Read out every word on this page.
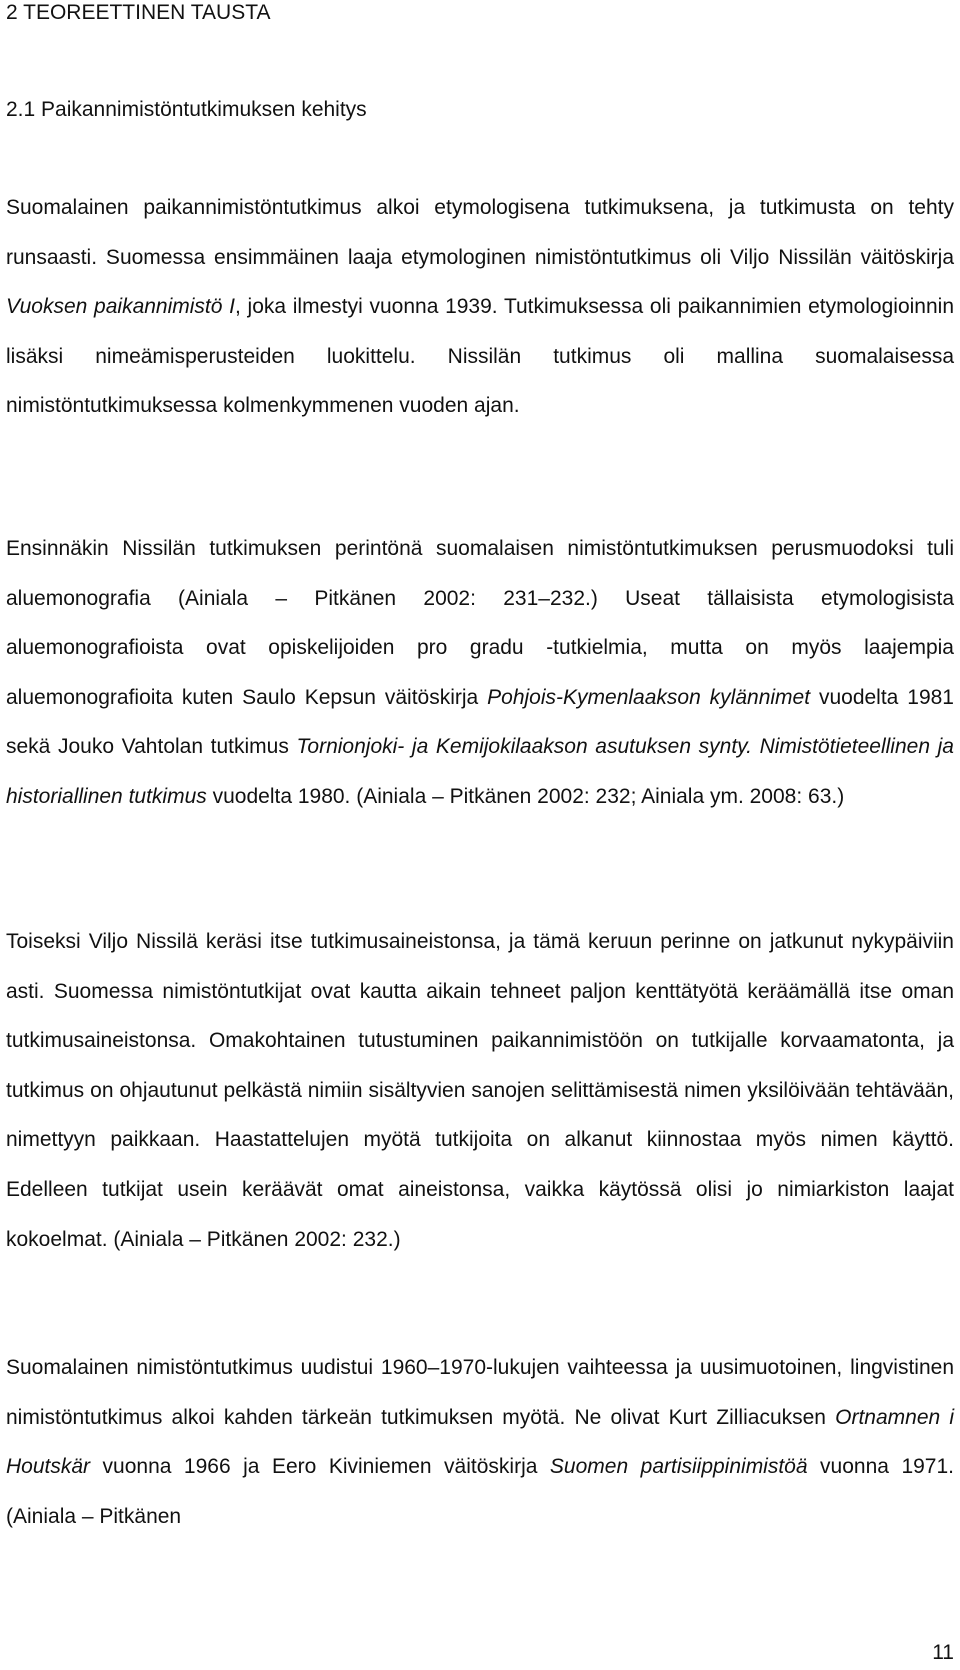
2 TEOREETTINEN TAUSTA
2.1 Paikannimistöntutkimuksen kehitys

Suomalainen paikannimistöntutkimus alkoi etymologisena tutkimuksena, ja tutkimusta on tehty runsaasti. Suomessa ensimmäinen laaja etymologinen nimistöntutkimus oli Viljo Nissilän väitöskirja Vuoksen paikannimistö I, joka ilmestyi vuonna 1939. Tutkimuksessa oli paikannimien etymologioinnin lisäksi nimeämisperusteiden luokittelu. Nissilän tutkimus oli mallina suomalaisessa nimistöntutkimuksessa kolmenkymmenen vuoden ajan.

Ensinnäkin Nissilän tutkimuksen perintönä suomalaisen nimistöntutkimuksen perusmuodoksi tuli aluemonografia (Ainiala – Pitkänen 2002: 231–232.) Useat tällaisista etymologisista aluemonografioista ovat opiskelijoiden pro gradu -tutkielmia, mutta on myös laajempia aluemonografioita kuten Saulo Kepsun väitöskirja Pohjois-Kymenlaakson kylännimet vuodelta 1981 sekä Jouko Vahtolan tutkimus Tornionjoki- ja Kemijokilaakson asutuksen synty. Nimistötieteellinen ja historiallinen tutkimus vuodelta 1980. (Ainiala – Pitkänen 2002: 232; Ainiala ym. 2008: 63.)

Toiseksi Viljo Nissilä keräsi itse tutkimusaineistonsa, ja tämä keruun perinne on jatkunut nykypäiviin asti. Suomessa nimistöntutkijat ovat kautta aikain tehneet paljon kenttätyötä keräämällä itse oman tutkimusaineistonsa. Omakohtainen tutustuminen paikannimistöön on tutkijalle korvaamatonta, ja tutkimus on ohjautunut pelkästä nimiin sisältyvien sanojen selittämisestä nimen yksilöivään tehtävään, nimettyyn paikkaan. Haastattelujen myötä tutkijoita on alkanut kiinnostaa myös nimen käyttö. Edelleen tutkijat usein keräävät omat aineistonsa, vaikka käytössä olisi jo nimiarkiston laajat kokoelmat. (Ainiala – Pitkänen 2002: 232.)

Suomalainen nimistöntutkimus uudistui 1960–1970-lukujen vaihteessa ja uusimuotoinen, lingvistinen nimistöntutkimus alkoi kahden tärkeän tutkimuksen myötä. Ne olivat Kurt Zilliacuksen Ortnamnen i Houtskär vuonna 1966 ja Eero Kiviniemen väitöskirja Suomen partisiippinimistöä vuonna 1971. (Ainiala – Pitkänen

11
